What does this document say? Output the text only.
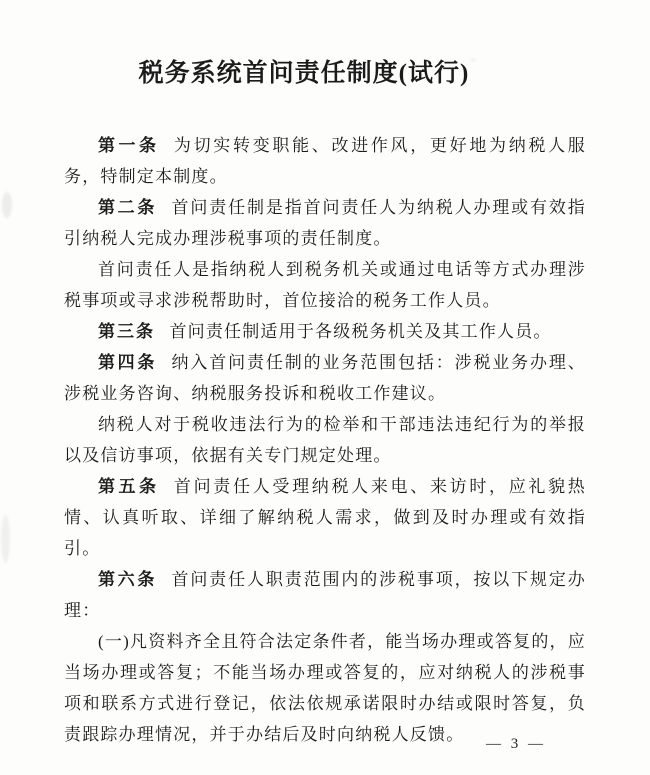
税务系统首问责任制度(试行)

第一条 为切实转变职能、改进作风，更好地为纳税人服务，特制定本制度。

第二条 首问责任制是指首问责任人为纳税人办理或有效指引纳税人完成办理涉税事项的责任制度。

首问责任人是指纳税人到税务机关或通过电话等方式办理涉税事项或寻求涉税帮助时，首位接洽的税务工作人员。

第三条 首问责任制适用于各级税务机关及其工作人员。

第四条 纳入首问责任制的业务范围包括：涉税业务办理、涉税业务咨询、纳税服务投诉和税收工作建议。

纳税人对于税收违法行为的检举和干部违法违纪行为的举报以及信访事项，依据有关专门规定处理。

第五条 首问责任人受理纳税人来电、来访时，应礼貌热情、认真听取、详细了解纳税人需求，做到及时办理或有效指引。

第六条 首问责任人职责范围内的涉税事项，按以下规定办理：

(一)凡资料齐全且符合法定条件者，能当场办理或答复的，应当场办理或答复；不能当场办理或答复的，应对纳税人的涉税事项和联系方式进行登记，依法依规承诺限时办结或限时答复，负责跟踪办理情况，并于办结后及时向纳税人反馈。	— 3 —
